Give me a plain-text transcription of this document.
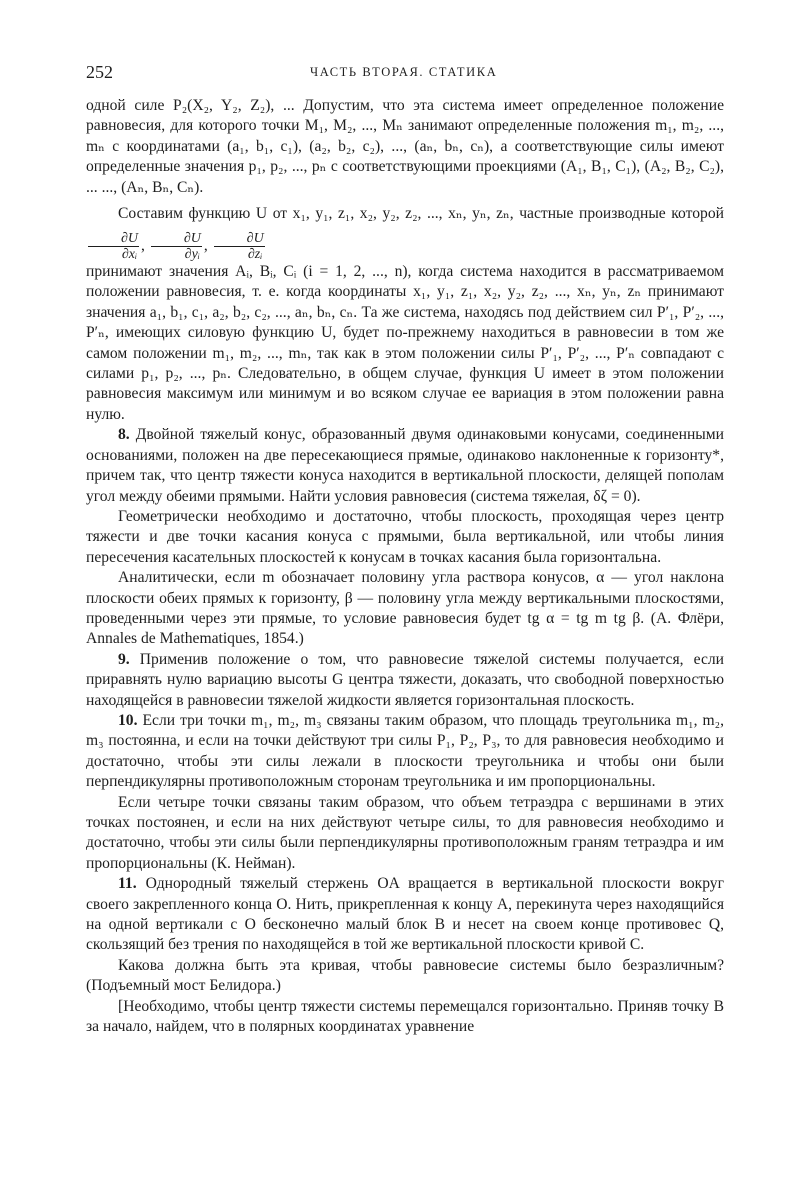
252	ЧАСТЬ ВТОРАЯ. СТАТИКА

одной силе P₂(X₂, Y₂, Z₂), ... Допустим, что эта система имеет определенное положение равновесия, для которого точки M₁, M₂, ..., Mₙ занимают определенные положения m₁, m₂, ..., mₙ с координатами (a₁, b₁, c₁), (a₂, b₂, c₂), ..., (aₙ, bₙ, cₙ), а соответствующие силы имеют определенные значения p₁, p₂, ..., pₙ с соответствующими проекциями (A₁, B₁, C₁), (A₂, B₂, C₂), ... ..., (Aₙ, Bₙ, Cₙ).

Составим функцию U от x₁, y₁, z₁, x₂, y₂, z₂, ..., xₙ, yₙ, zₙ, частные производные которой
$\frac{\partial U}{\text{∂xᵢ}}$ , $\frac{\partial U}{\text{∂yᵢ}}$ , $\frac{\partial U}{\text{∂zᵢ}}$

принимают значения Aᵢ, Bᵢ, Cᵢ (i = 1, 2, ..., n), когда система находится в рассматриваемом положении равновесия, т. е. когда координаты x₁, y₁, z₁, x₂, y₂, z₂, ..., xₙ, yₙ, zₙ принимают значения a₁, b₁, c₁, a₂, b₂, c₂, ..., aₙ, bₙ, cₙ. Та же система, находясь под действием сил P′₁, P′₂, ..., P′ₙ, имеющих силовую функцию U, будет по-прежнему находиться в равновесии в том же самом положении m₁, m₂, ..., mₙ, так как в этом положении силы P′₁, P′₂, ..., P′ₙ совпадают с силами p₁, p₂, ..., pₙ. Следовательно, в общем случае, функция U имеет в этом положении равновесия максимум или минимум и во всяком случае ее вариация в этом положении равна нулю.

8. Двойной тяжелый конус, образованный двумя одинаковыми конусами, соединенными основаниями, положен на две пересекающиеся прямые, одинаково наклоненные к горизонту*, причем так, что центр тяжести конуса находится в вертикальной плоскости, делящей пополам угол между обеими прямыми. Найти условия равновесия (система тяжелая, δζ = 0).

Геометрически необходимо и достаточно, чтобы плоскость, проходящая через центр тяжести и две точки касания конуса с прямыми, была вертикальной, или чтобы линия пересечения касательных плоскостей к конусам в точках касания была горизонтальна.

Аналитически, если m обозначает половину угла раствора конусов, α — угол наклона плоскости обеих прямых к горизонту, β — половину угла между вертикальными плоскостями, проведенными через эти прямые, то условие равновесия будет tg α = tg m tg β. (А. Флёри, Annales de Mathematiques, 1854.)

9. Применив положение о том, что равновесие тяжелой системы получается, если приравнять нулю вариацию высоты G центра тяжести, доказать, что свободной поверхностью находящейся в равновесии тяжелой жидкости является горизонтальная плоскость.

10. Если три точки m₁, m₂, m₃ связаны таким образом, что площадь треугольника m₁, m₂, m₃ постоянна, и если на точки действуют три силы P₁, P₂, P₃, то для равновесия необходимо и достаточно, чтобы эти силы лежали в плоскости треугольника и чтобы они были перпендикулярны противоположным сторонам треугольника и им пропорциональны.

Если четыре точки связаны таким образом, что объем тетраэдра с вершинами в этих точках постоянен, и если на них действуют четыре силы, то для равновесия необходимо и достаточно, чтобы эти силы были перпендикулярны противоположным граням тетраэдра и им пропорциональны (К. Нейман).

11. Однородный тяжелый стержень OA вращается в вертикальной плоскости вокруг своего закрепленного конца O. Нить, прикрепленная к концу A, перекинута через находящийся на одной вертикали с O бесконечно малый блок B и несет на своем конце противовес Q, скользящий без трения по находящейся в той же вертикальной плоскости кривой C.

Какова должна быть эта кривая, чтобы равновесие системы было безразличным? (Подъемный мост Белидора.)

[Необходимо, чтобы центр тяжести системы перемещался горизонтально. Приняв точку B за начало, найдем, что в полярных координатах уравнение
